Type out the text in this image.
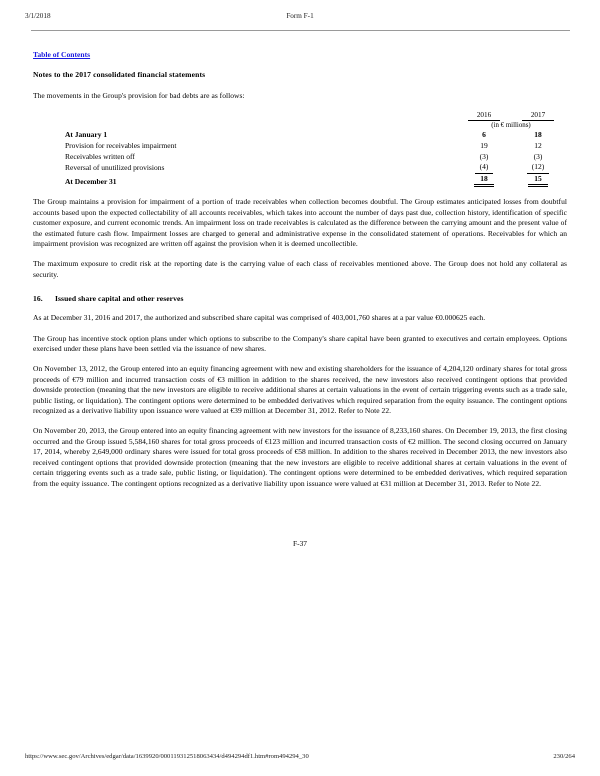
3/1/2018	Form F-1
Table of Contents
Notes to the 2017 consolidated financial statements

The movements in the Group's provision for bad debts are as follows:

		2016	2017
		(in € millions)	
At January 1		6	18
Provision for receivables impairment		19	12
Receivables written off		(3)	(3)
Reversal of unutilized provisions		(4)	(12)
At December 31		18	15

The Group maintains a provision for impairment of a portion of trade receivables when collection becomes doubtful. The Group estimates anticipated losses from doubtful accounts based upon the expected collectability of all accounts receivables, which takes into account the number of days past due, collection history, identification of specific customer exposure, and current economic trends. An impairment loss on trade receivables is calculated as the difference between the carrying amount and the present value of the estimated future cash flow. Impairment losses are charged to general and administrative expense in the consolidated statement of operations. Receivables for which an impairment provision was recognized are written off against the provision when it is deemed uncollectible.

The maximum exposure to credit risk at the reporting date is the carrying value of each class of receivables mentioned above. The Group does not hold any collateral as security.

16. Issued share capital and other reserves

As at December 31, 2016 and 2017, the authorized and subscribed share capital was comprised of 403,001,760 shares at a par value €0.000625 each.

The Group has incentive stock option plans under which options to subscribe to the Company's share capital have been granted to executives and certain employees. Options exercised under these plans have been settled via the issuance of new shares.

On November 13, 2012, the Group entered into an equity financing agreement with new and existing shareholders for the issuance of 4,204,120 ordinary shares for total gross proceeds of €79 million and incurred transaction costs of €3 million in addition to the shares received, the new investors also received contingent options that provided downside protection (meaning that the new investors are eligible to receive additional shares at certain valuations in the event of certain triggering events such as a trade sale, public listing, or liquidation). The contingent options were determined to be embedded derivatives which required separation from the equity issuance. The contingent options recognized as a derivative liability upon issuance were valued at €39 million at December 31, 2012. Refer to Note 22.

On November 20, 2013, the Group entered into an equity financing agreement with new investors for the issuance of 8,233,160 shares. On December 19, 2013, the first closing occurred and the Group issued 5,584,160 shares for total gross proceeds of €123 million and incurred transaction costs of €2 million. The second closing occurred on January 17, 2014, whereby 2,649,000 ordinary shares were issued for total gross proceeds of €58 million. In addition to the shares received in December 2013, the new investors also received contingent options that provided downside protection (meaning that the new investors are eligible to receive additional shares at certain valuations in the event of certain triggering events such as a trade sale, public listing, or liquidation). The contingent options were determined to be embedded derivatives, which required separation from the equity issuance. The contingent options recognized as a derivative liability upon issuance were valued at €31 million at December 31, 2013. Refer to Note 22.

F-37
https://www.sec.gov/Archives/edgar/data/1639920/000119312518063434/d494294df1.htm#rom494294_30	230/264
